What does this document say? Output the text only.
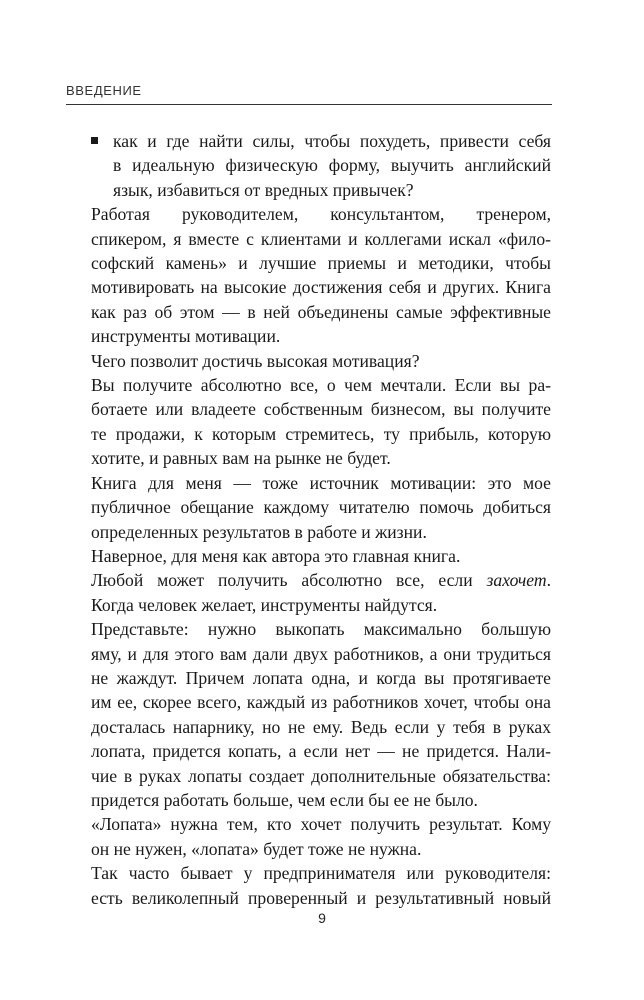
ВВЕДЕНИЕ
как и где найти силы, чтобы похудеть, привести себя
в идеальную физическую форму, выучить английский
язык, избавиться от вредных привычек?
Работая руководителем, консультантом, тренером,
спикером, я вместе с клиентами и коллегами искал «фило-
софский камень» и лучшие приемы и методики, чтобы
мотивировать на высокие достижения себя и других. Книга
как раз об этом — в ней объединены самые эффективные
инструменты мотивации.
Чего позволит достичь высокая мотивация?
Вы получите абсолютно все, о чем мечтали. Если вы ра-
ботаете или владеете собственным бизнесом, вы получите
те продажи, к которым стремитесь, ту прибыль, которую
хотите, и равных вам на рынке не будет.
Книга для меня — тоже источник мотивации: это мое
публичное обещание каждому читателю помочь добиться
определенных результатов в работе и жизни.
Наверное, для меня как автора это главная книга.
Любой может получить абсолютно все, если захочет.
Когда человек желает, инструменты найдутся.
Представьте: нужно выкопать максимально большую
яму, и для этого вам дали двух работников, а они трудиться
не жаждут. Причем лопата одна, и когда вы протягиваете
им ее, скорее всего, каждый из работников хочет, чтобы она
досталась напарнику, но не ему. Ведь если у тебя в руках
лопата, придется копать, а если нет — не придется. Нали-
чие в руках лопаты создает дополнительные обязательства:
придется работать больше, чем если бы ее не было.
«Лопата» нужна тем, кто хочет получить результат. Кому
он не нужен, «лопата» будет тоже не нужна.
Так часто бывает у предпринимателя или руководителя:
есть великолепный проверенный и результативный новый
9
